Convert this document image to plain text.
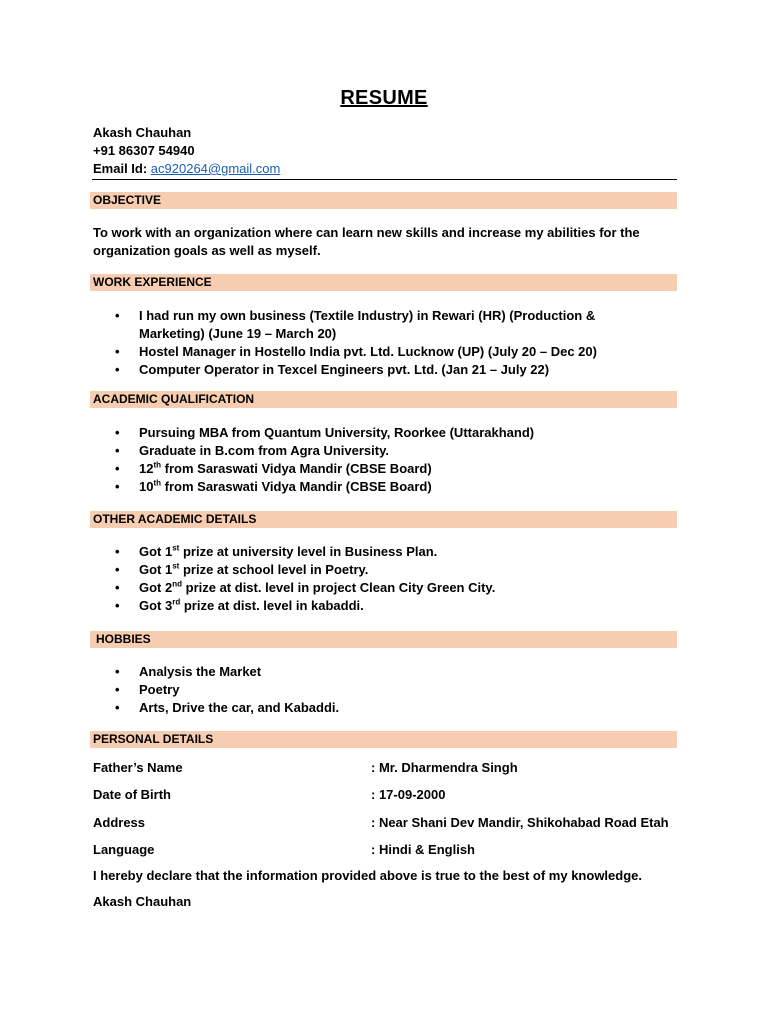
RESUME
Akash Chauhan
+91 86307 54940
Email Id: ac920264@gmail.com
OBJECTIVE
To work with an organization where can learn new skills and increase my abilities for the organization goals as well as myself.
WORK EXPERIENCE
• I had run my own business (Textile Industry) in Rewari (HR) (Production & Marketing) (June 19 – March 20)
• Hostel Manager in Hostello India pvt. Ltd. Lucknow (UP) (July 20 – Dec 20)
• Computer Operator in Texcel Engineers pvt. Ltd. (Jan 21 – July 22)
ACADEMIC QUALIFICATION
• Pursuing MBA from Quantum University, Roorkee (Uttarakhand)
• Graduate in B.com from Agra University.
• 12th from Saraswati Vidya Mandir (CBSE Board)
• 10th from Saraswati Vidya Mandir (CBSE Board)
OTHER ACADEMIC DETAILS
• Got 1st prize at university level in Business Plan.
• Got 1st prize at school level in Poetry.
• Got 2nd prize at dist. level in project Clean City Green City.
• Got 3rd prize at dist. level in kabaddi.
HOBBIES
• Analysis the Market
• Poetry
• Arts, Drive the car, and Kabaddi.
PERSONAL DETAILS
Father’s Name	: Mr. Dharmendra Singh
Date of Birth	: 17-09-2000
Address	: Near Shani Dev Mandir, Shikohabad Road Etah
Language	: Hindi & English
I hereby declare that the information provided above is true to the best of my knowledge.
Akash Chauhan
